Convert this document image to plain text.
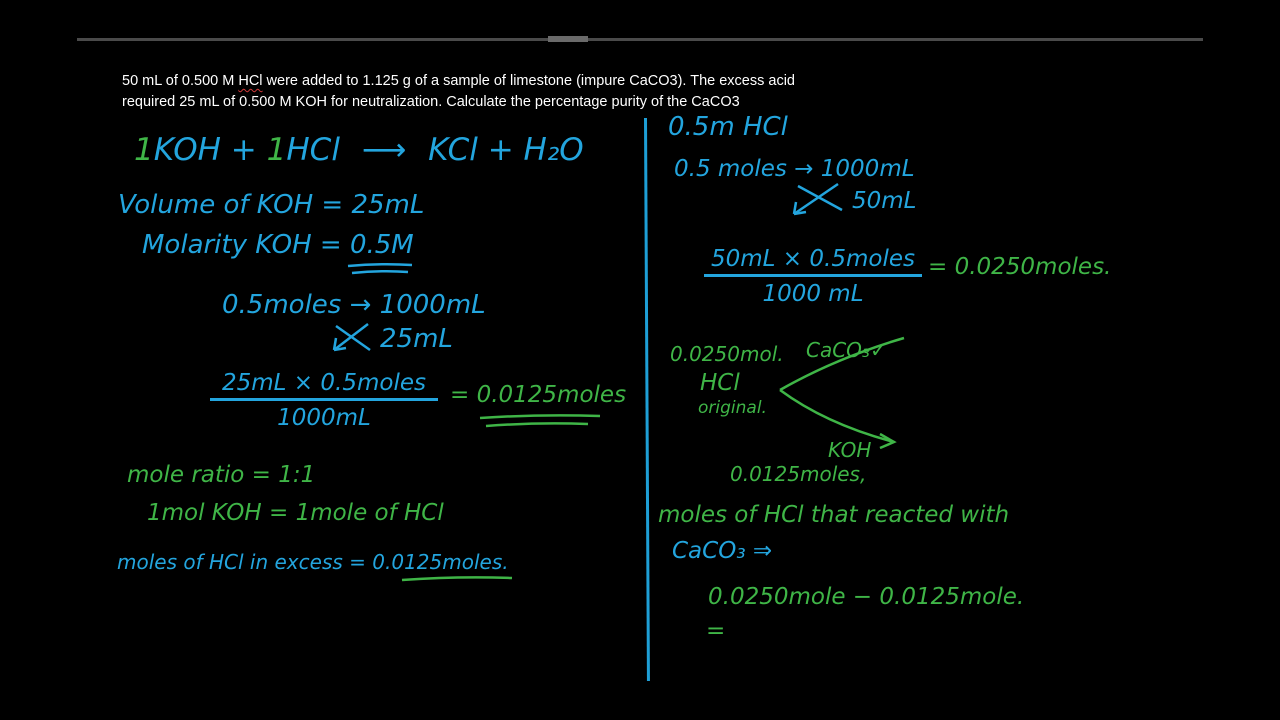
50 mL of 0.500 M HCl were added to 1.125 g of a sample of limestone (impure CaCO3). The excess acid
required 25 mL of 0.500 M KOH for neutralization. Calculate the percentage purity of the CaCO3
1KOH + 1HCl ⟶ KCl + H₂O
Volume of KOH = 25mL
Molarity KOH = 0.5M
0.5moles → 1000mL
25mL
25mL × 0.5moles
1000mL
= 0.0125moles
mole ratio = 1:1
1mol KOH = 1mole of HCl
moles of HCl in excess = 0.0125moles.
0.5m HCl
0.5 moles → 1000mL
50mL
50mL × 0.5moles
1000 mL
= 0.0250moles.
0.0250mol.
HCl
original.
CaCO₃✓
KOH
0.0125moles,
moles of HCl that reacted with
CaCO₃ ⇒
0.0250mole − 0.0125mole.
=
